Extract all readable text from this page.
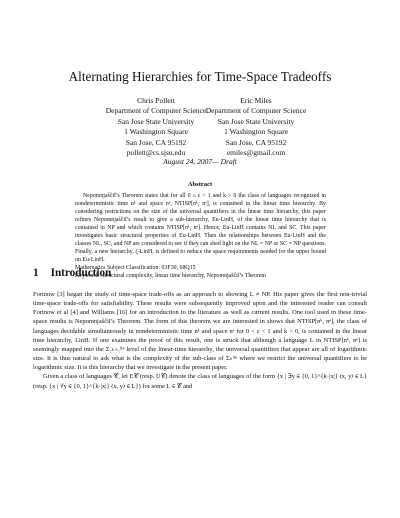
Alternating Hierarchies for Time-Space Tradeoffs
Chris Pollett
Department of Computer Science
San Jose State University
1 Washington Square
San Jose, CA 95192
pollett@cs.sjsu.edu
Eric Miles
Department of Computer Science
San Jose State University
1 Washington Square
San Jose, CA 95192
emiles@gmail.com
August 24, 2007— Draft
Abstract

Nepomnjaščiĭ’s Theorem states that for all 0 ≤ ε < 1 and k > 0 the class of languages recognized in nondeterministic time nᵏ and space nᵉ, NTISP[nᵏ, nᵉ], is contained in the linear time hierarchy. By considering restrictions on the size of the universal quantifiers in the linear time hierarchy, this paper refines Nepomnjaščiĭ’s result to give a sub-hierarchy, Eu-LinH, of the linear time hierarchy that is contained in NP and which contains NTISP[nᵏ, nᵉ]. Hence, Eu-LinH contains NL and SC. This paper investigates basic structural properties of Eu-LinH. Then the relationships between Eu-LinH and the classes NL, SC, and NP are considered to see if they can shed light on the NL = NP or SC = NP questions. Finally, a new hierarchy, ζ-LinH, is defined to reduce the space requirements needed for the upper bound on Eu-LinH.

Mathematics Subject Classification: 03F30, 68Q15

Keywords: structural complexity, linear time hierarchy, Nepomnjaščiĭ’s Theorem

1 Introduction

Fortnow [3] began the study of time-space trade-offs as an approach to showing L ≠ NP. His paper gives the first non-trivial time-space trade-offs for satisfiability. These results were subsequently improved upon and the interested reader can consult Fortnow et al [4] and Williams [16] for an introduction to the literature as well as current results. One tool used in these time-space results is Nepomnjaščiĭ’s Theorem. The form of this theorem we are interested in shows that NTISP[nᵏ, nᵉ], the class of languages decidable simultaneously in nondeterministic time nᵏ and space nᵉ for 0 < ε < 1 and k > 0, is contained in the linear time hierarchy, LinH. If one examines the proof of this result, one is struck that although a language L in NTISP[nᵏ, nᵉ] is seemingly mapped into the Σ₂ₖ₊₁ˡᴵⁿ level of the linear-time hierarchy, the universal quantifiers that appear are all of logarithmic size. It is thus natural to ask what is the complexity of the sub-class of Σₖˡᴵⁿ where we restrict the universal quantifiers to be logarithmic size. It is this hierarchy that we investigate in the present paper.

Given a class of languages 𝒞, let E𝒞 (resp. U𝒞) denote the class of languages of the form {x | ∃y ∈ {0, 1}^{k·|x|} ⟨x, y⟩ ∈ L} (resp. {x | ∀y ∈ {0, 1}^{k·|x|} ⟨x, y⟩ ∈ L}) for some L ∈ 𝒞 and
